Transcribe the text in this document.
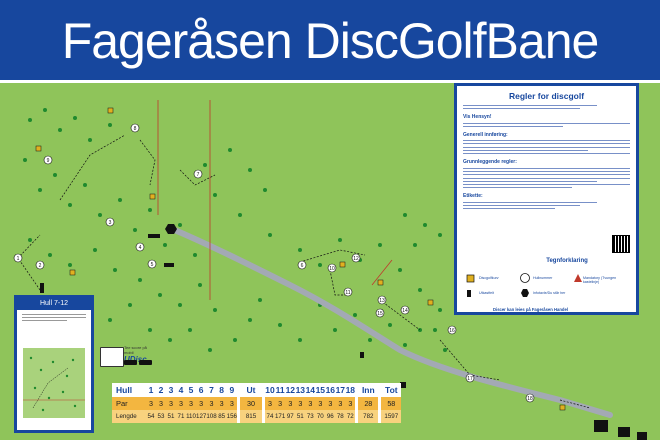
Fageråsen DiscGolfBane
1
2
3
4
5	6
7
8
9
10
11
12
13
14
15
16
17
18
Regler for discgolf
Vis Hensyn!
Generell innføring:
Grunnleggende regler:
Etikette:
Tegnforklaring
Discgolfkurv	Hullnummer	Mandatory (Tvungen kastelinje)
Utkastfelt	Infotavle/Du står her
Discer kan leies på Fageråsen Handel
Hull 7-12
Tee score på mobil
Hull	1	2	3	4	5	6	7	8	9		Ut		10	11	12	13	14	15	16	17	18		Inn		Tot
Par	3	3	3	3	3	3	3	3	3		30		3	3	3	3	3	3	3	3	3		28		58
Lengde	54	53	51	71	110	127	108	85	156		815		74	171	97	51	73	70	96	78	72		782		1597
